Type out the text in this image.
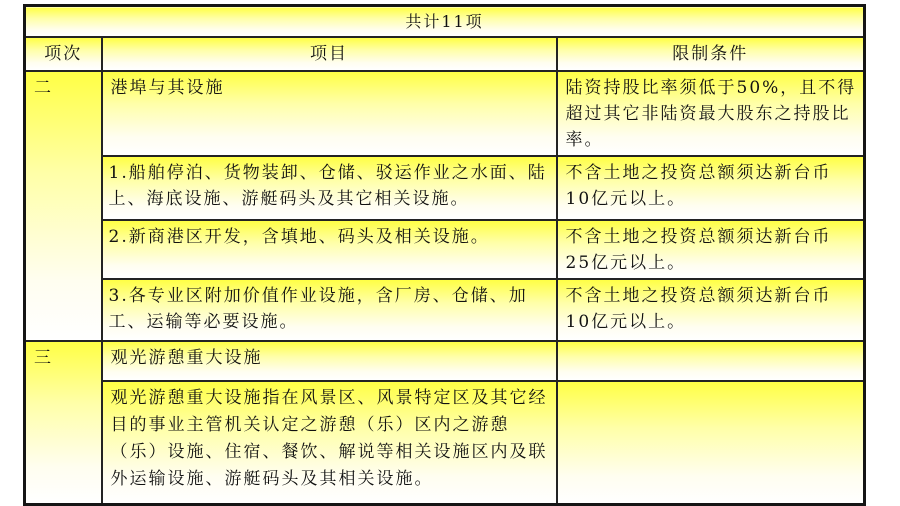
共计11项		
项次	项目	限制条件
二	港埠与其设施	陆资持股比率须低于50%，且不得超过其它非陆资最大股东之持股比率。
	1.船舶停泊、货物装卸、仓储、驳运作业之水面、陆上、海底设施、游艇码头及其它相关设施。	不含土地之投资总额须达新台币10亿元以上。
	2.新商港区开发，含填地、码头及相关设施。	不含土地之投资总额须达新台币25亿元以上。
	3.各专业区附加价值作业设施，含厂房、仓储、加工、运输等必要设施。	不含土地之投资总额须达新台币10亿元以上。
三	观光游憩重大设施	
	观光游憩重大设施指在风景区、风景特定区及其它经目的事业主管机关认定之游憩（乐）区内之游憩（乐）设施、住宿、餐饮、解说等相关设施区内及联外运输设施、游艇码头及其相关设施。	
